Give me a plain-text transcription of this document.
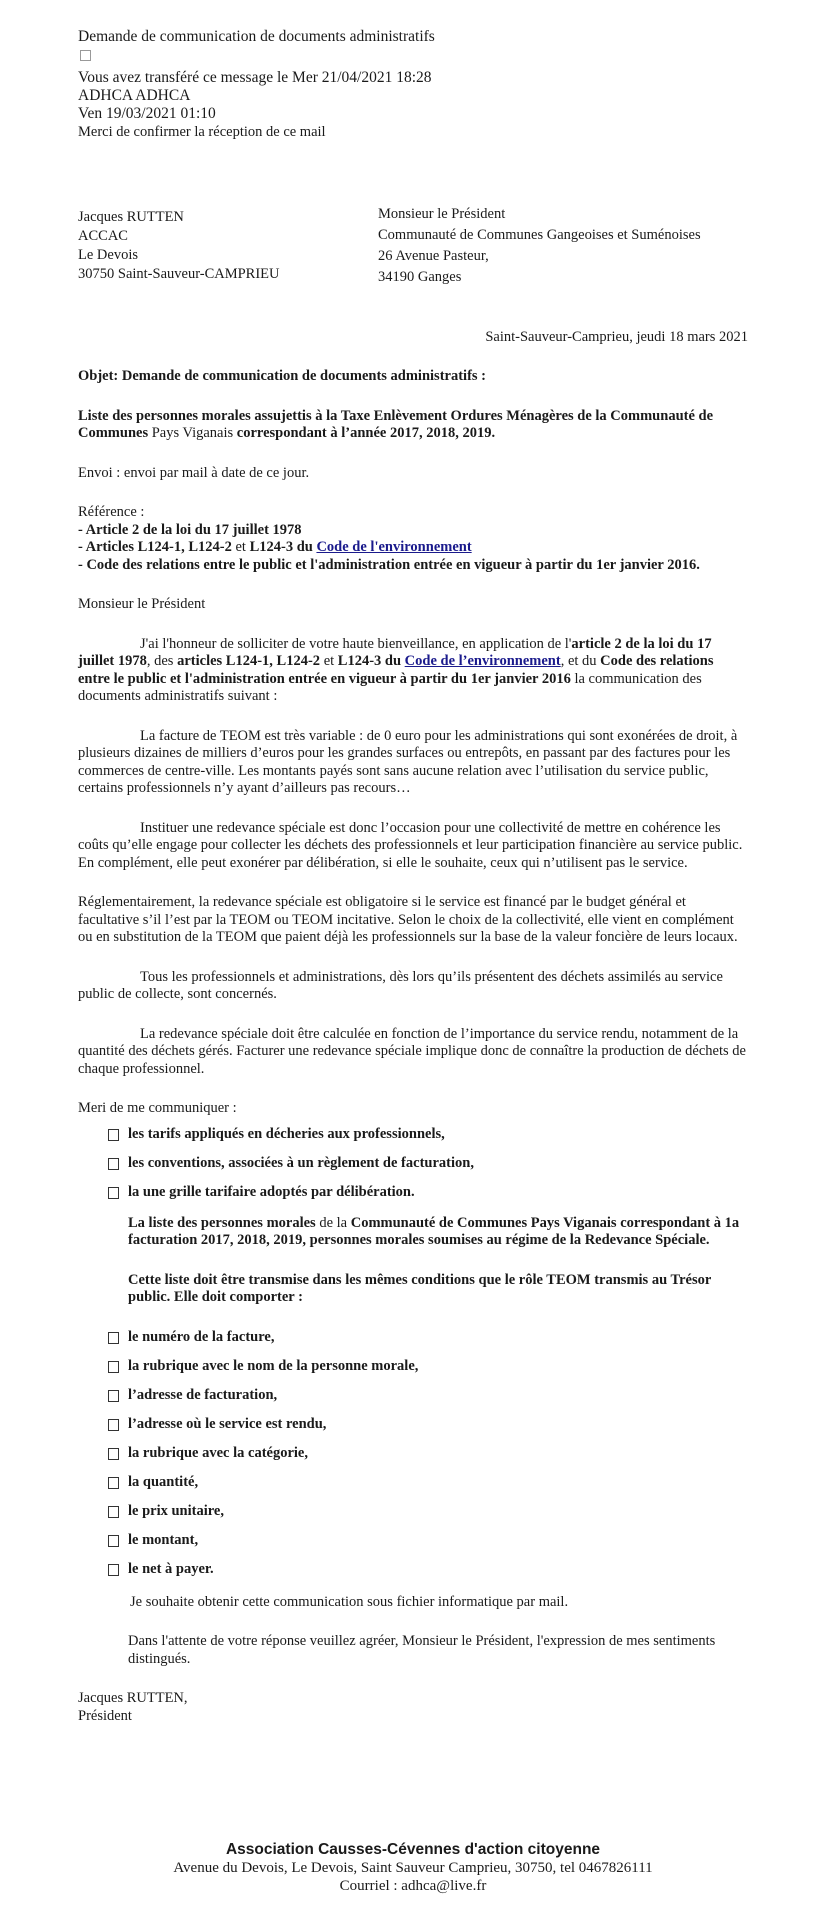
Demande de communication de documents administratifs
Vous avez transféré ce message le Mer 21/04/2021 18:28
ADHCA ADHCA
Ven 19/03/2021 01:10
Merci de confirmer la réception de ce mail
Jacques RUTTEN
ACCAC
Le Devois
30750 Saint-Sauveur-CAMPRIEU
Monsieur le Président
Communauté de Communes Gangeoises et Suménoises
26 Avenue Pasteur,
34190 Ganges
Saint-Sauveur-Camprieu, jeudi 18 mars 2021

Objet: Demande de communication de documents administratifs :

Liste des personnes morales assujettis à la Taxe Enlèvement Ordures Ménagères de la Communauté de Communes Pays Viganais correspondant à l’année 2017, 2018, 2019.

Envoi : envoi par mail à date de ce jour.

Référence :

- Article 2 de la loi du 17 juillet 1978

- Articles L124-1, L124-2 et L124-3 du Code de l'environnement

- Code des relations entre le public et l'administration entrée en vigueur à partir du 1er janvier 2016.

Monsieur le Président

J'ai l'honneur de solliciter de votre haute bienveillance, en application de l'article 2 de la loi du 17 juillet 1978, des articles L124-1, L124-2 et L124-3 du Code de l’environnement, et du Code des relations entre le public et l'administration entrée en vigueur à partir du 1er janvier 2016 la communication des documents administratifs suivant :

La facture de TEOM est très variable : de 0 euro pour les administrations qui sont exonérées de droit, à plusieurs dizaines de milliers d’euros pour les grandes surfaces ou entrepôts, en passant par des factures pour les commerces de centre-ville. Les montants payés sont sans aucune relation avec l’utilisation du service public, certains professionnels n’y ayant d’ailleurs pas recours…

Instituer une redevance spéciale est donc l’occasion pour une collectivité de mettre en cohérence les coûts qu’elle engage pour collecter les déchets des professionnels et leur participation financière au service public. En complément, elle peut exonérer par délibération, si elle le souhaite, ceux qui n’utilisent pas le service.

Réglementairement, la redevance spéciale est obligatoire si le service est financé par le budget général et facultative s’il l’est par la TEOM ou TEOM incitative. Selon le choix de la collectivité, elle vient en complément ou en substitution de la TEOM que paient déjà les professionnels sur la base de la valeur foncière de leurs locaux.

Tous les professionnels et administrations, dès lors qu’ils présentent des déchets assimilés au service public de collecte, sont concernés.

La redevance spéciale doit être calculée en fonction de l’importance du service rendu, notamment de la quantité des déchets gérés. Facturer une redevance spéciale implique donc de connaître la production de déchets de chaque professionnel.

Meri de me communiquer :

les tarifs appliqués en décheries aux professionnels,
les conventions, associées à un règlement de facturation,
la une grille tarifaire adoptés par délibération.

La liste des personnes morales de la Communauté de Communes Pays Viganais correspondant à 1a facturation 2017, 2018, 2019, personnes morales soumises au régime de la Redevance Spéciale.

Cette liste doit être transmise dans les mêmes conditions que le rôle TEOM transmis au Trésor public. Elle doit comporter :

le numéro de la facture,
la rubrique avec le nom de la personne morale,
l’adresse de facturation,
l’adresse où le service est rendu,
la rubrique avec la catégorie,
la quantité,
le prix unitaire,
le montant,
le net à payer.

Je souhaite obtenir cette communication sous fichier informatique par mail.

Dans l'attente de votre réponse veuillez agréer, Monsieur le Président, l'expression de mes sentiments distingués.

Jacques RUTTEN,

Président

Association Causses-Cévennes d'action citoyenne
Avenue du Devois, Le Devois, Saint Sauveur Camprieu, 30750, tel 0467826111
Courriel : adhca@live.fr
